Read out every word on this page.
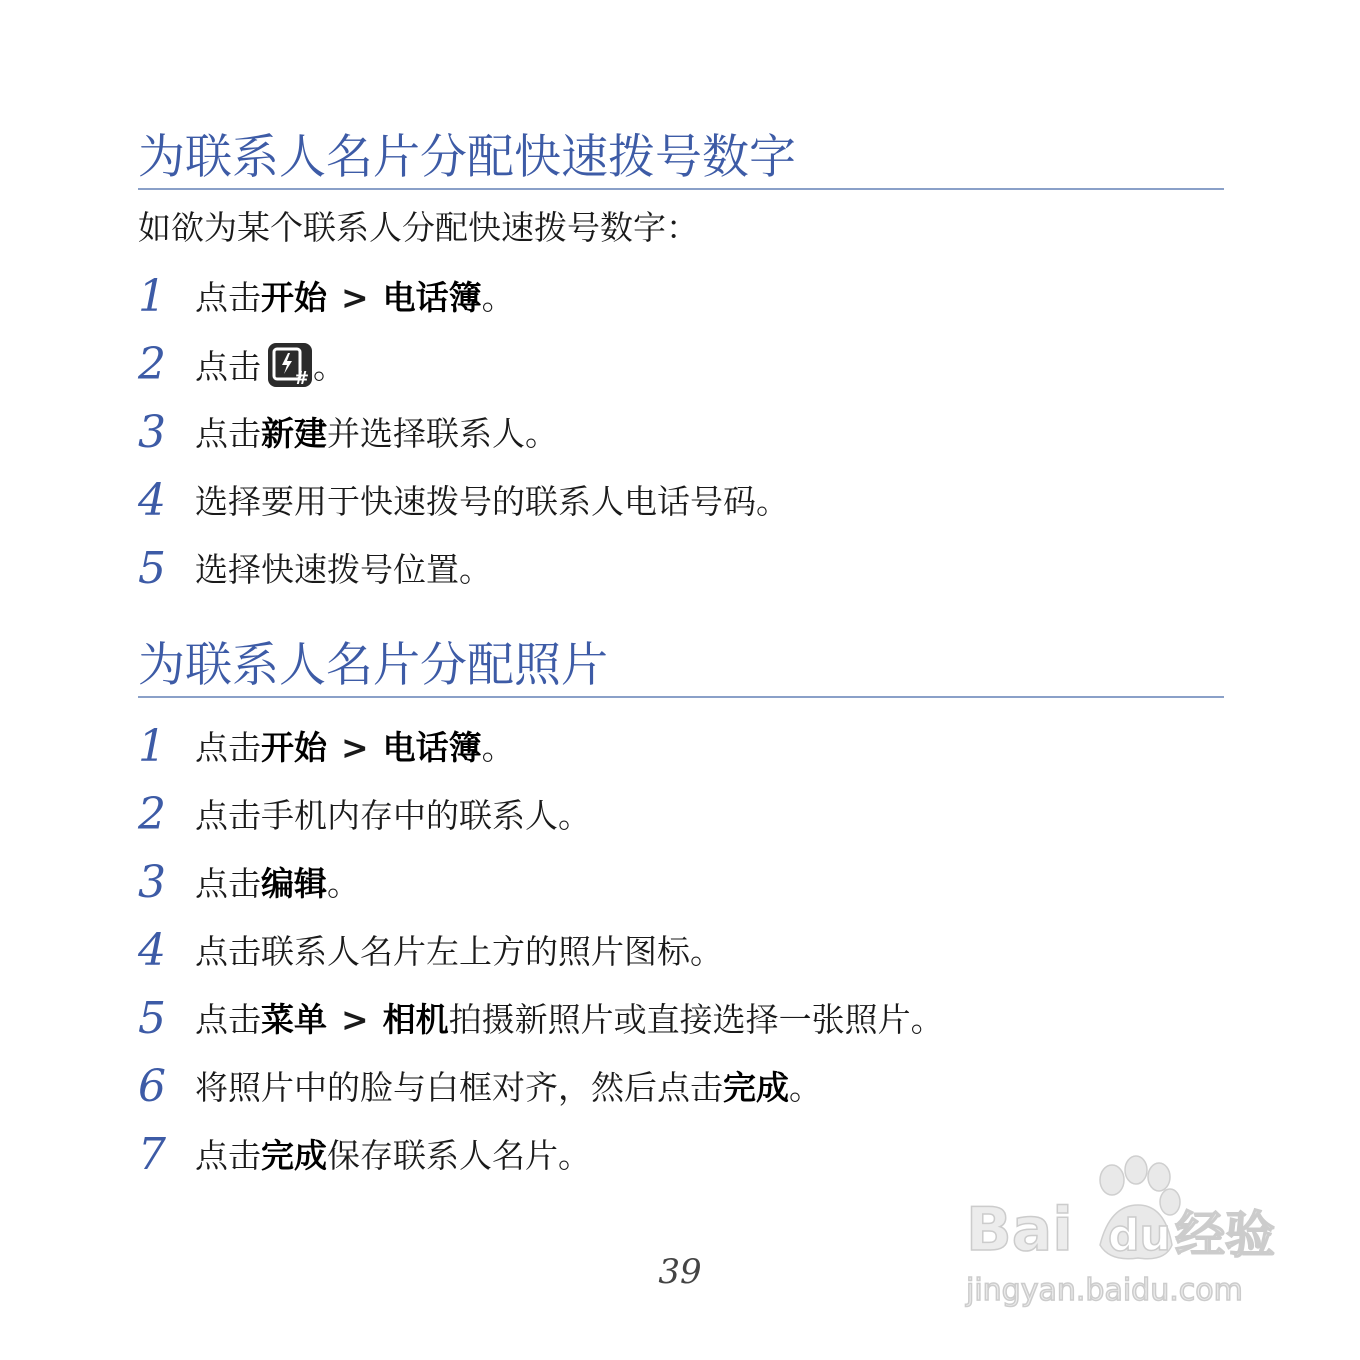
为联系人名片分配快速拨号数字
如欲为某个联系人分配快速拨号数字：
1 点击开始 > 电话簿。
2 点击 # 。
3 点击新建并选择联系人。
4 选择要用于快速拨号的联系人电话号码。
5 选择快速拨号位置。
为联系人名片分配照片
1 点击开始 > 电话簿。
2 点击手机内存中的联系人。
3 点击编辑。
4 点击联系人名片左上方的照片图标。
5 点击菜单 > 相机拍摄新照片或直接选择一张照片。
6 将照片中的脸与白框对齐，然后点击完成。
7 点击完成保存联系人名片。
39
Bai du 经验
jingyan.baidu.com
